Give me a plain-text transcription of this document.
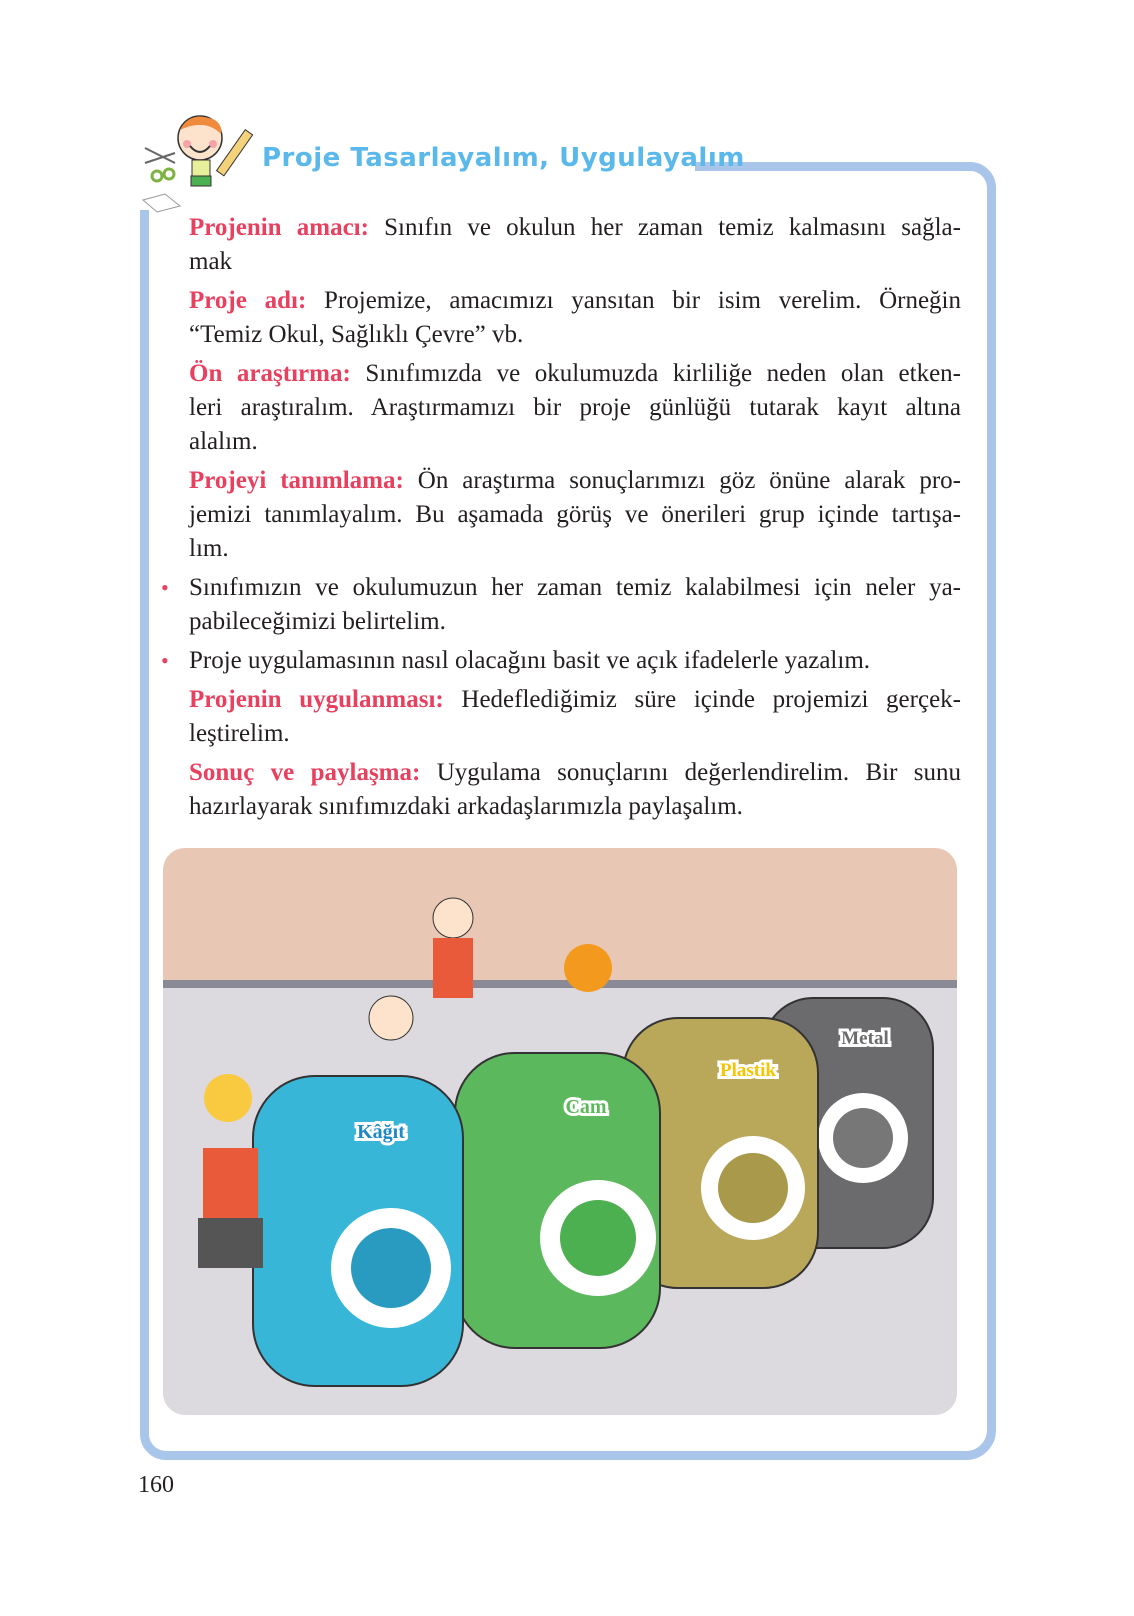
Proje Tasarlayalım, Uygulayalım
Projenin amacı: Sınıfın ve okulun her zaman temiz kalmasını sağla-
mak
Proje adı: Projemize, amacımızı yansıtan bir isim verelim. Örneğin
“Temiz Okul, Sağlıklı Çevre” vb.
Ön araştırma: Sınıfımızda ve okulumuzda kirliliğe neden olan etken-
leri araştıralım. Araştırmamızı bir proje günlüğü tutarak kayıt altına
alalım.
Projeyi tanımlama: Ön araştırma sonuçlarımızı göz önüne alarak pro-
jemizi tanımlayalım. Bu aşamada görüş ve önerileri grup içinde tartışa-
lım.
• Sınıfımızın ve okulumuzun her zaman temiz kalabilmesi için neler ya-
pabileceğimizi belirtelim.
• Proje uygulamasının nasıl olacağını basit ve açık ifadelerle yazalım.
Projenin uygulanması: Hedeflediğimiz süre içinde projemizi gerçek-
leştirelim.
Sonuç ve paylaşma: Uygulama sonuçlarını değerlendirelim. Bir sunu
hazırlayarak sınıfımızdaki arkadaşlarımızla paylaşalım.
Metal
Plastik
Cam
Kâğıt
160
